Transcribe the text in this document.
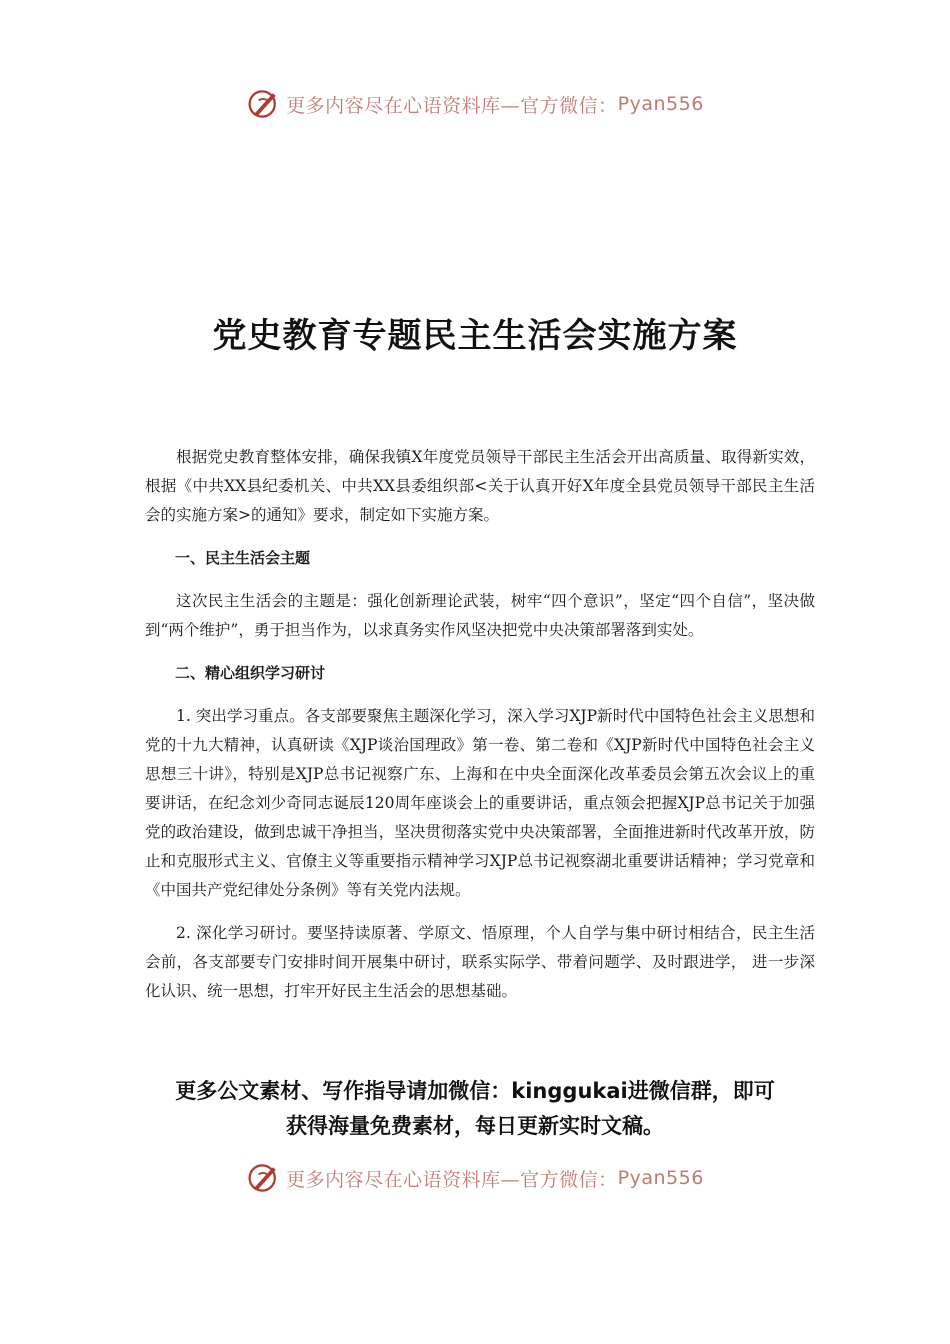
更多内容尽在心语资料库—官方微信： Pyan556
党史教育专题民主生活会实施方案

根据党史教育整体安排，确保我镇X年度党员领导干部民主生活会开出高质量、取得新实效，根据《中共XX县纪委机关、中共XX县委组织部<关于认真开好X年度全县党员领导干部民主生活会的实施方案>的通知》要求，制定如下实施方案。

一、民主生活会主题

这次民主生活会的主题是：强化创新理论武装，树牢“四个意识”，坚定“四个自信”，坚决做到“两个维护”，勇于担当作为，以求真务实作风坚决把党中央决策部署落到实处。

二、精心组织学习研讨

1. 突出学习重点。各支部要聚焦主题深化学习，深入学习XJP新时代中国特色社会主义思想和党的十九大精神，认真研读《XJP谈治国理政》第一卷、第二卷和《XJP新时代中国特色社会主义思想三十讲》，特别是XJP总书记视察广东、上海和在中央全面深化改革委员会第五次会议上的重要讲话，在纪念刘少奇同志诞辰120周年座谈会上的重要讲话，重点领会把握XJP总书记关于加强党的政治建设，做到忠诚干净担当，坚决贯彻落实党中央决策部署，全面推进新时代改革开放，防止和克服形式主义、官僚主义等重要指示精神学习XJP总书记视察湖北重要讲话精神；学习党章和《中国共产党纪律处分条例》等有关党内法规。

2. 深化学习研讨。要坚持读原著、学原文、悟原理，个人自学与集中研讨相结合，民主生活会前，各支部要专门安排时间开展集中研讨，联系实际学、带着问题学、及时跟进学， 进一步深化认识、统一思想，打牢开好民主生活会的思想基础。

更多公文素材、写作指导请加微信：kinggukai进微信群，即可
获得海量免费素材，每日更新实时文稿。
更多内容尽在心语资料库—官方微信： Pyan556
